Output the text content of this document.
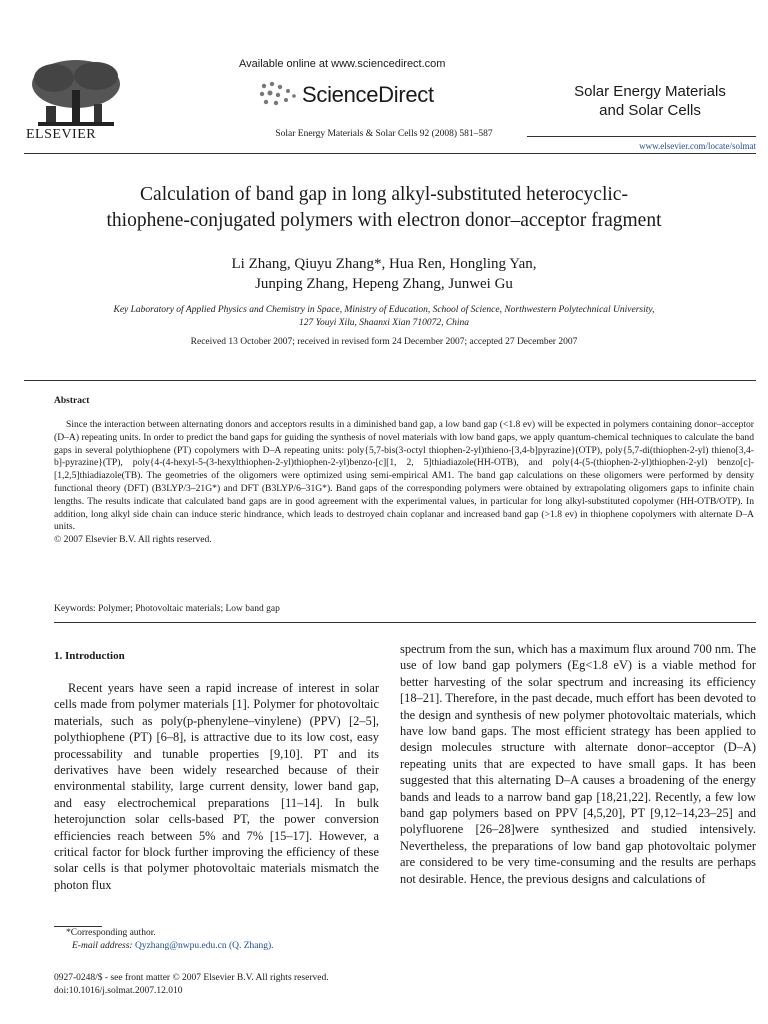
ELSEVIER
Available online at www.sciencedirect.com
ScienceDirect
Solar Energy Materials & Solar Cells 92 (2008) 581–587
Solar Energy Materials
and Solar Cells
www.elsevier.com/locate/solmat
Calculation of band gap in long alkyl-substituted heterocyclic-
thiophene-conjugated polymers with electron donor–acceptor fragment
Li Zhang, Qiuyu Zhang*, Hua Ren, Hongling Yan,
Junping Zhang, Hepeng Zhang, Junwei Gu
Key Laboratory of Applied Physics and Chemistry in Space, Ministry of Education, School of Science, Northwestern Polytechnical University,
127 Youyi Xilu, Shaanxi Xian 710072, China
Received 13 October 2007; received in revised form 24 December 2007; accepted 27 December 2007
Abstract
Since the interaction between alternating donors and acceptors results in a diminished band gap, a low band gap (<1.8 ev) will be expected in polymers containing donor–acceptor (D–A) repeating units. In order to predict the band gaps for guiding the synthesis of novel materials with low band gaps, we apply quantum-chemical techniques to calculate the band gaps in several polythiophene (PT) copolymers with D–A repeating units: poly{5,7-bis(3-octyl thiophen-2-yl)thieno-[3,4-b]pyrazine}(OTP), poly{5,7-di(thiophen-2-yl) thieno[3,4-b]-pyrazine}(TP), poly{4-(4-hexyl-5-(3-hexylthiophen-2-yl)thiophen-2-yl)benzo-[c][1, 2, 5]thiadiazole(HH-OTB), and poly{4-(5-(thiophen-2-yl)thiophen-2-yl) benzo[c]-[1,2,5]thiadiazole(TB). The geometries of the oligomers were optimized using semi-empirical AM1. The band gap calculations on these oligomers were performed by density functional theory (DFT) (B3LYP/3–21G*) and DFT (B3LYP/6–31G*). Band gaps of the corresponding polymers were obtained by extrapolating oligomers gaps to infinite chain lengths. The results indicate that calculated band gaps are in good agreement with the experimental values, in particular for long alkyl-substituted copolymer (HH-OTB/OTP). In addition, long alkyl side chain can induce steric hindrance, which leads to destroyed chain coplanar and increased band gap (>1.8 ev) in thiophene copolymers with alternate D–A units.
© 2007 Elsevier B.V. All rights reserved.
Keywords: Polymer; Photovoltaic materials; Low band gap
1. Introduction
Recent years have seen a rapid increase of interest in solar cells made from polymer materials [1]. Polymer for photovoltaic materials, such as poly(p-phenylene–vinylene) (PPV) [2–5], polythiophene (PT) [6–8], is attractive due to its low cost, easy processability and tunable properties [9,10]. PT and its derivatives have been widely researched because of their environmental stability, large current density, lower band gap, and easy electrochemical preparations [11–14]. In bulk heterojunction solar cells-based PT, the power conversion efficiencies reach between 5% and 7% [15–17]. However, a critical factor for block further improving the efficiency of these solar cells is that polymer photovoltaic materials mismatch the photon flux
spectrum from the sun, which has a maximum flux around 700 nm. The use of low band gap polymers (Eg<1.8 eV) is a viable method for better harvesting of the solar spectrum and increasing its efficiency [18–21]. Therefore, in the past decade, much effort has been devoted to the design and synthesis of new polymer photovoltaic materials, which have low band gaps. The most efficient strategy has been applied to design molecules structure with alternate donor–acceptor (D–A) repeating units that are expected to have small gaps. It has been suggested that this alternating D–A causes a broadening of the energy bands and leads to a narrow band gap [18,21,22]. Recently, a few low band gap polymers based on PPV [4,5,20], PT [9,12–14,23–25] and polyfluorene [26–28]were synthesized and studied intensively. Nevertheless, the preparations of low band gap photovoltaic polymer are considered to be very time-consuming and the results are perhaps not desirable. Hence, the previous designs and calculations of
*Corresponding author.
E-mail address: Qyzhang@nwpu.edu.cn (Q. Zhang).
0927-0248/$ - see front matter © 2007 Elsevier B.V. All rights reserved.
doi:10.1016/j.solmat.2007.12.010
